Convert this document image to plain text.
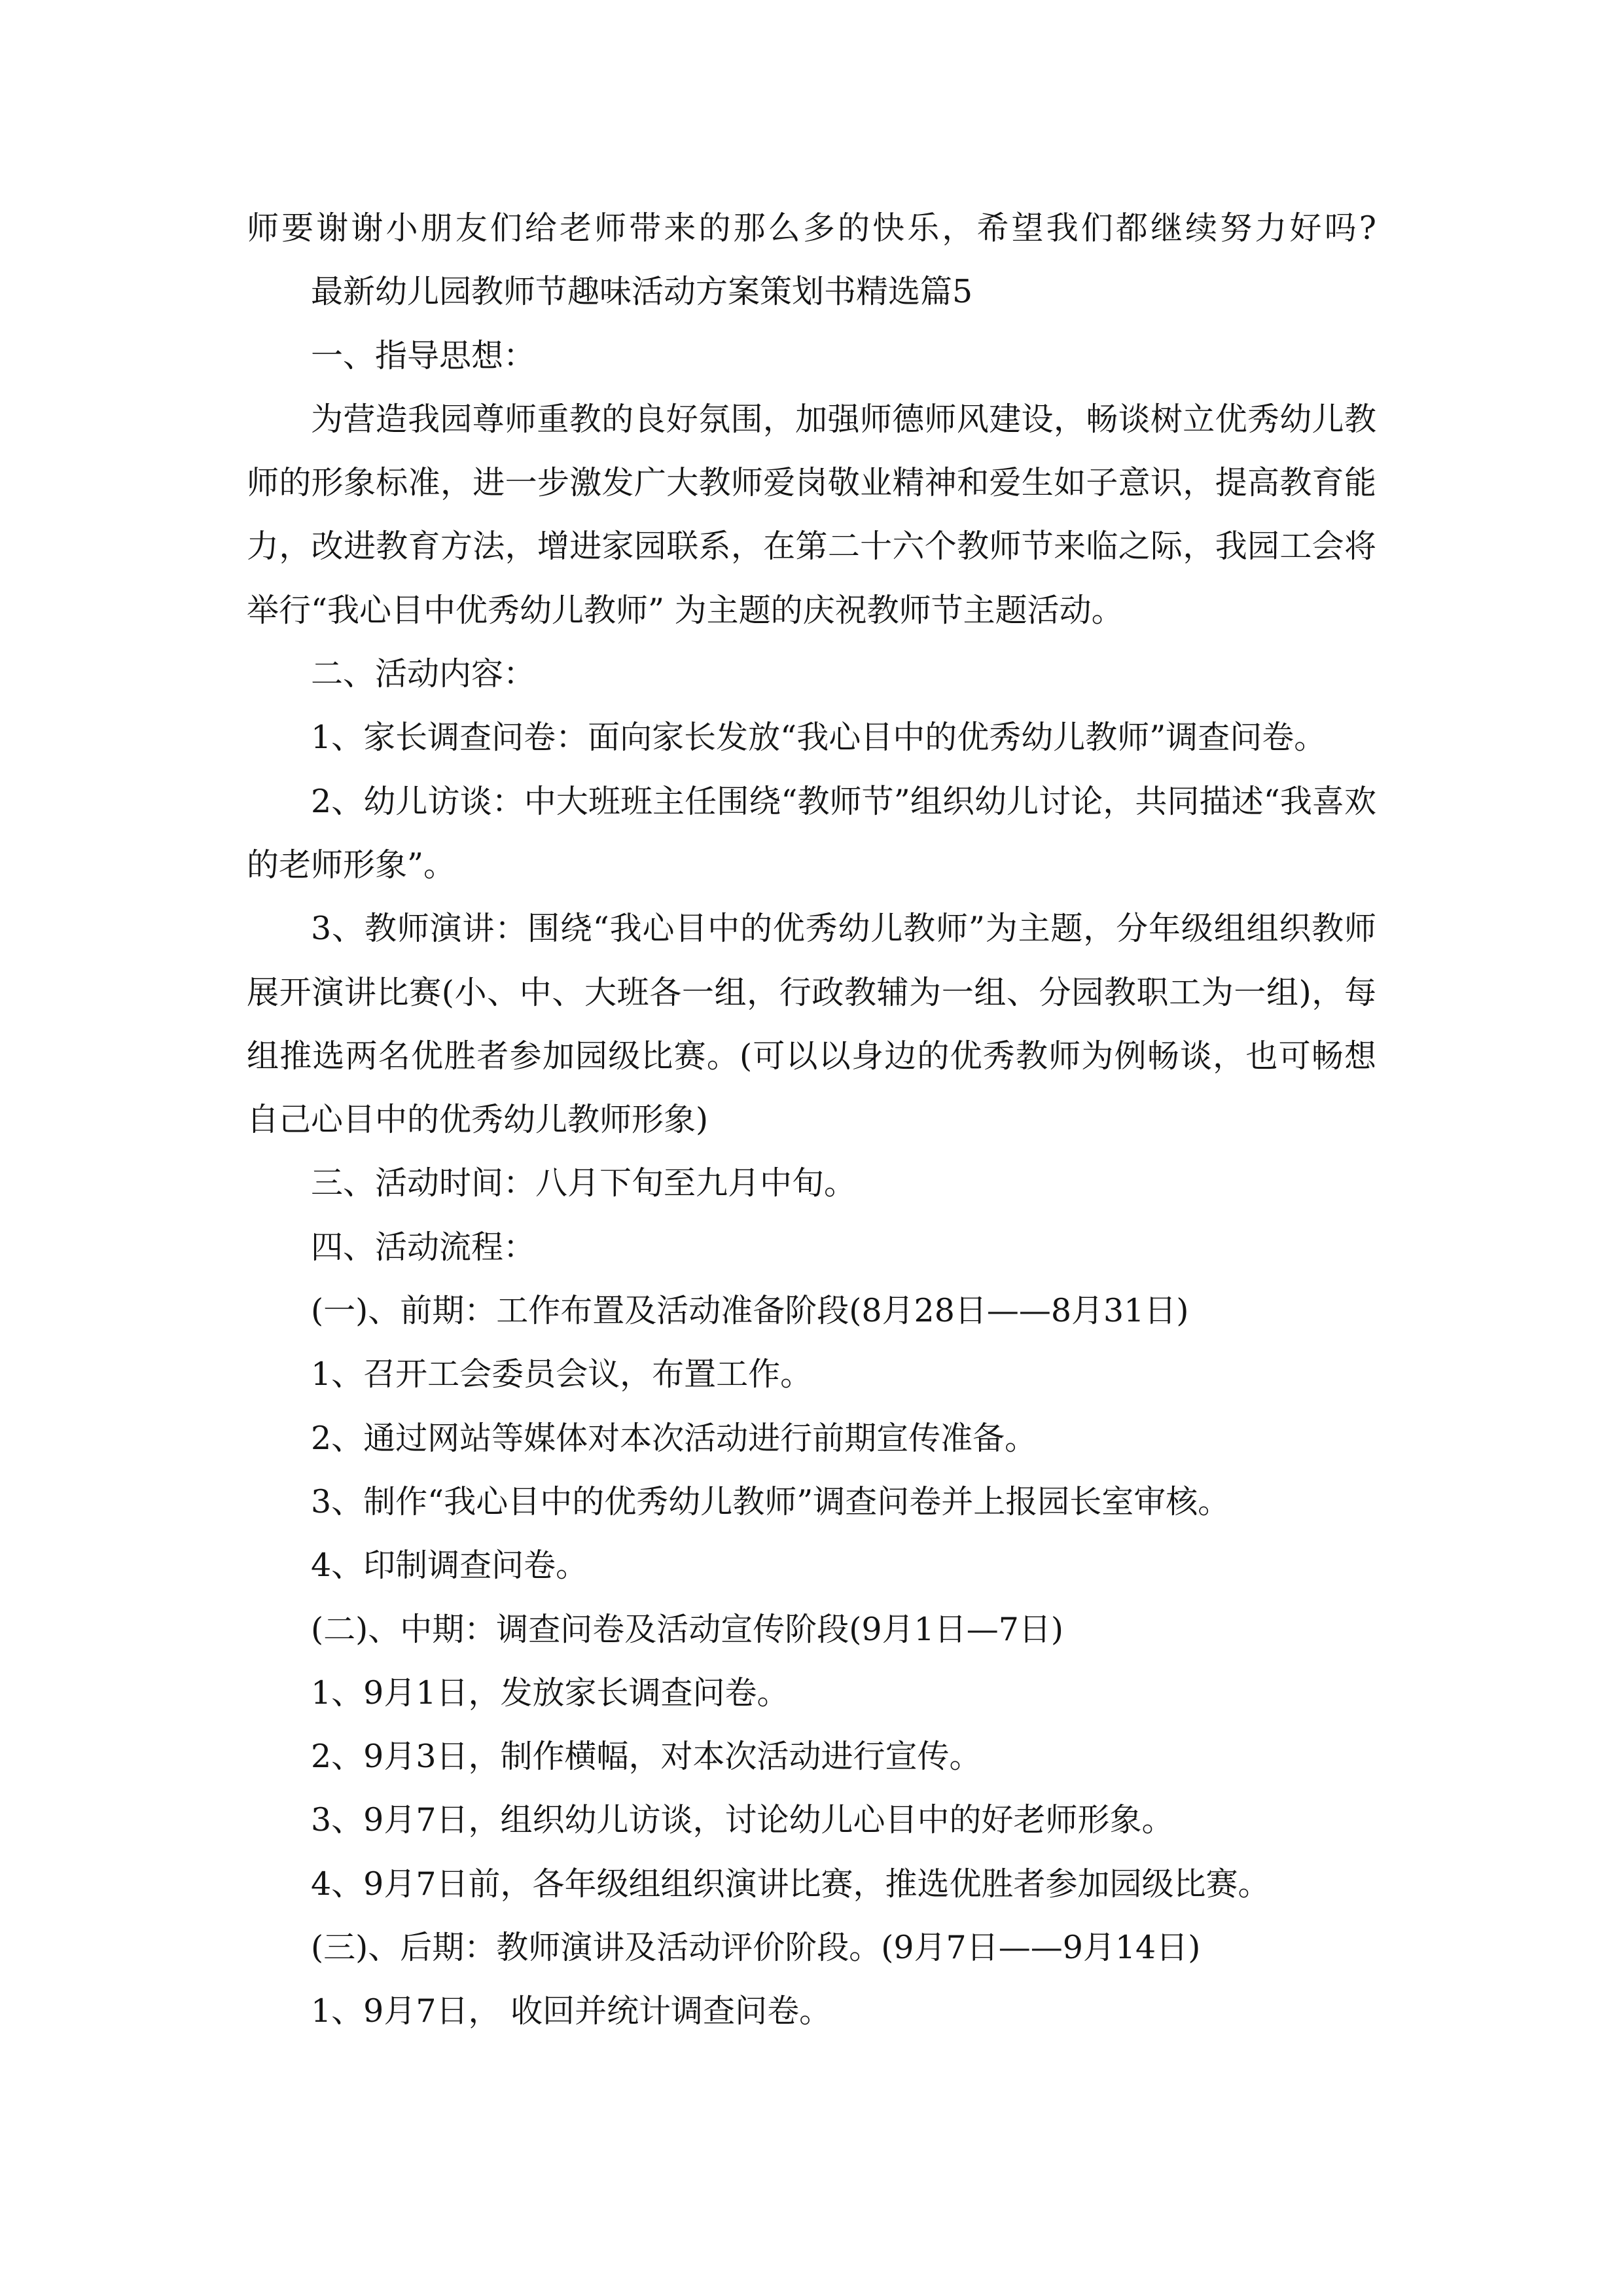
师要谢谢小朋友们给老师带来的那么多的快乐，希望我们都继续努力好吗?

最新幼儿园教师节趣味活动方案策划书精选篇5

一、指导思想：

为营造我园尊师重教的良好氛围，加强师德师风建设，畅谈树立优秀幼儿教师的形象标准，进一步激发广大教师爱岗敬业精神和爱生如子意识，提高教育能力，改进教育方法，增进家园联系，在第二十六个教师节来临之际，我园工会将举行“我心目中优秀幼儿教师” 为主题的庆祝教师节主题活动。

二、活动内容：

1、家长调查问卷：面向家长发放“我心目中的优秀幼儿教师”调查问卷。

2、幼儿访谈：中大班班主任围绕“教师节”组织幼儿讨论，共同描述“我喜欢的老师形象”。

3、教师演讲：围绕“我心目中的优秀幼儿教师”为主题，分年级组组织教师展开演讲比赛(小、中、大班各一组，行政教辅为一组、分园教职工为一组)，每组推选两名优胜者参加园级比赛。(可以以身边的优秀教师为例畅谈，也可畅想自己心目中的优秀幼儿教师形象)

三、活动时间：八月下旬至九月中旬。

四、活动流程：

(一)、前期：工作布置及活动准备阶段(8月28日——8月31日)

1、召开工会委员会议，布置工作。

2、通过网站等媒体对本次活动进行前期宣传准备。

3、制作“我心目中的优秀幼儿教师”调查问卷并上报园长室审核。

4、印制调查问卷。

(二)、中期：调查问卷及活动宣传阶段(9月1日—7日)

1、9月1日，发放家长调查问卷。

2、9月3日，制作横幅，对本次活动进行宣传。

3、9月7日，组织幼儿访谈，讨论幼儿心目中的好老师形象。

4、9月7日前，各年级组组织演讲比赛，推选优胜者参加园级比赛。

(三)、后期：教师演讲及活动评价阶段。(9月7日——9月14日)

1、9月7日， 收回并统计调查问卷。
